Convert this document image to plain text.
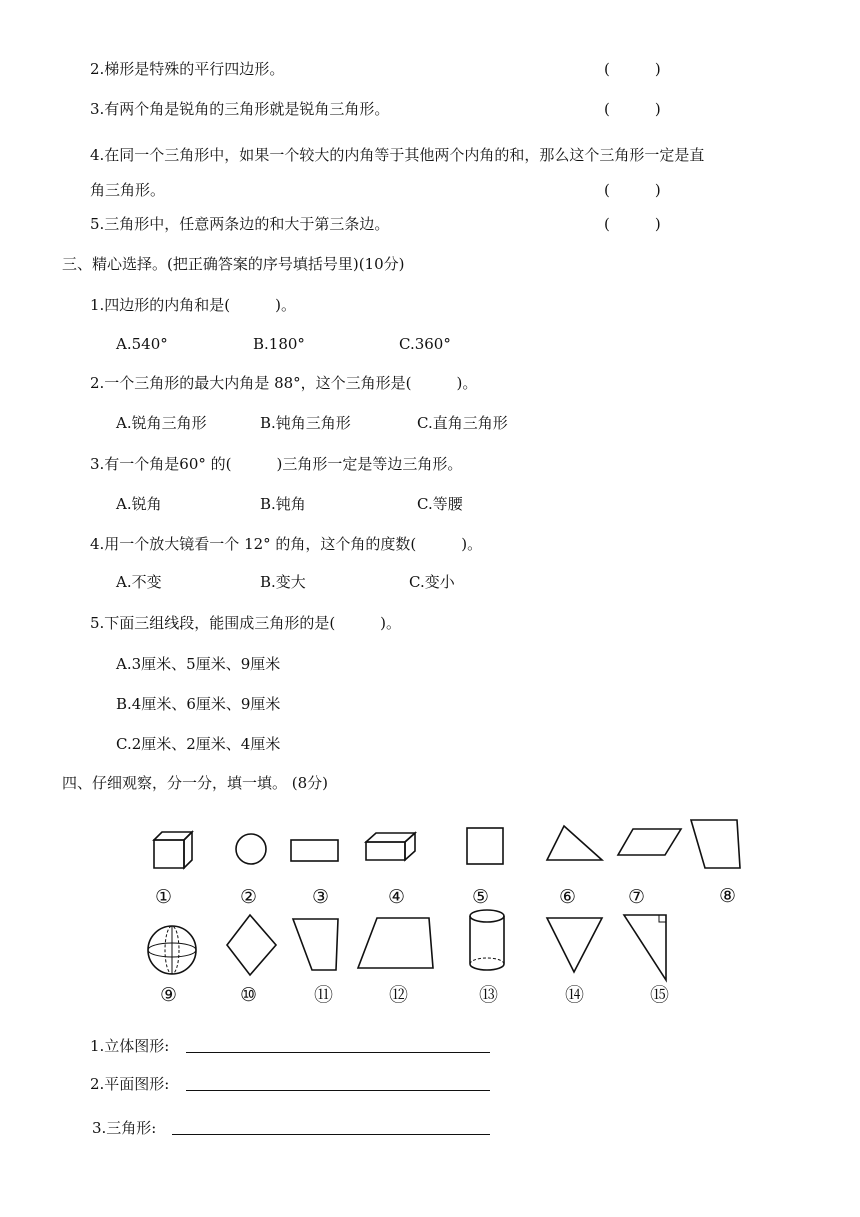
2.梯形是特殊的平行四边形。	(　　　)
3.有两个角是锐角的三角形就是锐角三角形。	(　　　)
4.在同一个三角形中，如果一个较大的内角等于其他两个内角的和，那么这个三角形一定是直
角三角形。	(　　　)
5.三角形中，任意两条边的和大于第三条边。	(　　　)
三、精心选择。(把正确答案的序号填括号里)(10分)
1.四边形的内角和是(　　　)。
A.540°	B.180°	C.360°
2.一个三角形的最大内角是 88°，这个三角形是(　　　)。
A.锐角三角形	B.钝角三角形	C.直角三角形
3.有一个角是60° 的(　　　)三角形一定是等边三角形。
A.锐角	B.钝角	C.等腰
4.用一个放大镜看一个 12° 的角，这个角的度数(　　　)。
A.不变	B.变大	C.变小
5.下面三组线段，能围成三角形的是(　　　)。
A.3厘米、5厘米、9厘米
B.4厘米、6厘米、9厘米
C.2厘米、2厘米、4厘米
四、仔细观察，分一分，填一填。 (8分)
①	②	③	④	⑤	⑥	⑦	⑧
⑨	⑩	⑪	⑫	⑬	⑭	⑮
1.立体图形:
2.平面图形:
3.三角形:
